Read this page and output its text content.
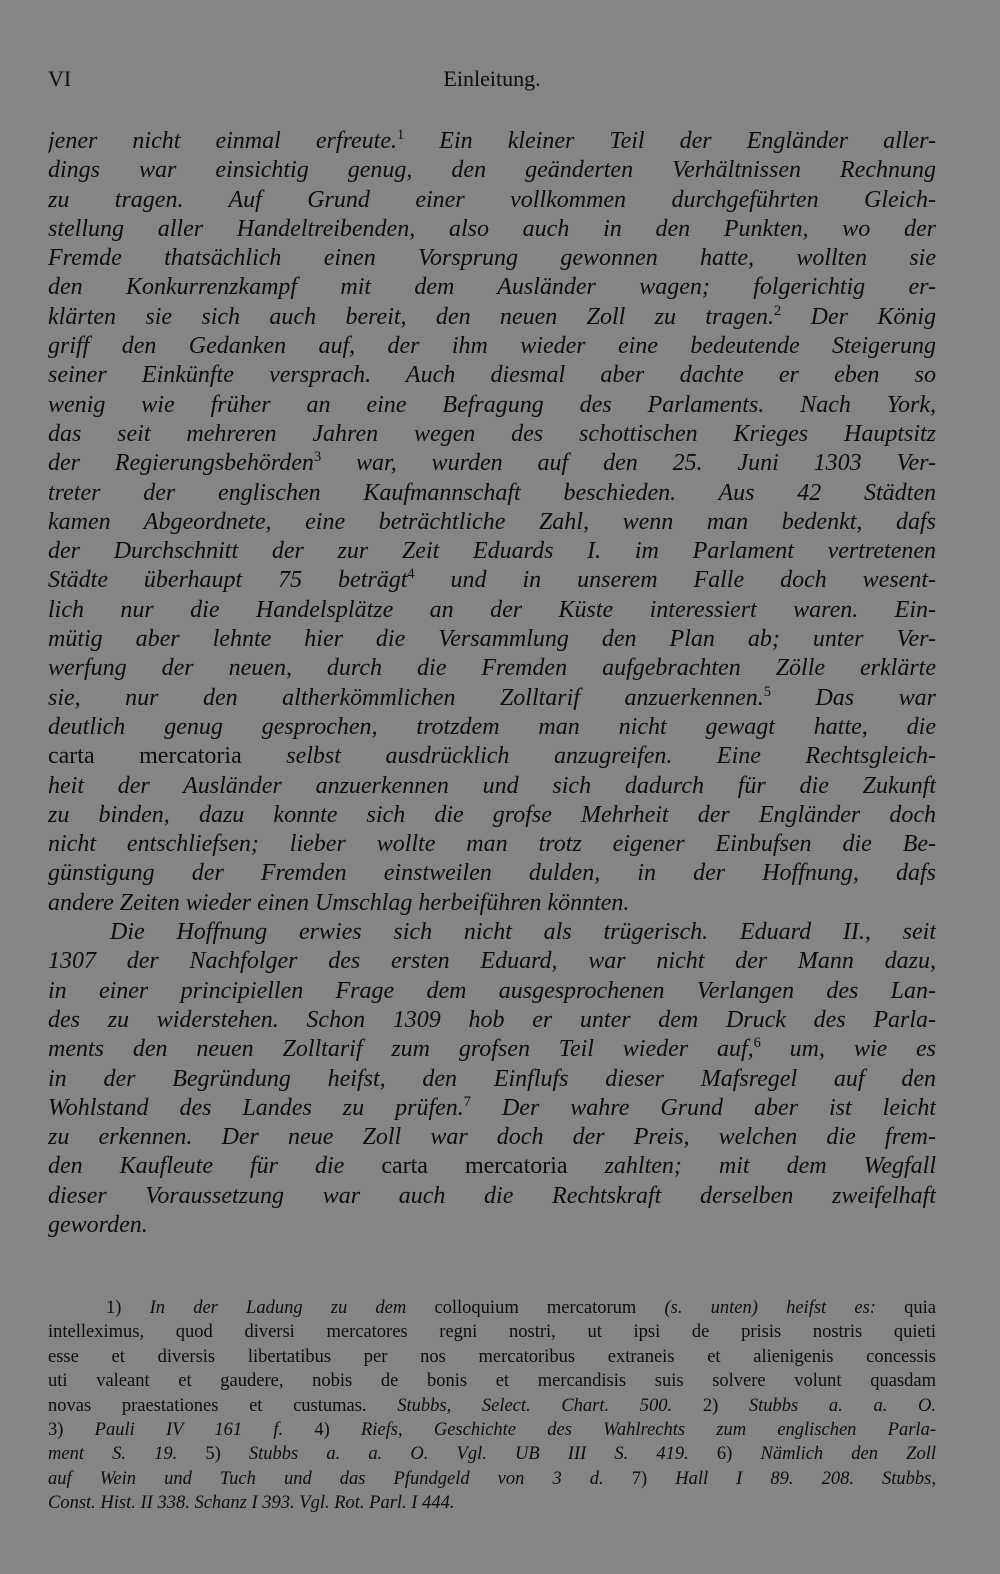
VI	Einleitung.
jener nicht einmal erfreute.$^1$ Ein kleiner Teil der Engländer aller-
dings war einsichtig genug, den geänderten Verhältnissen Rechnung
zu tragen. Auf Grund einer vollkommen durchgeführten Gleich-
stellung aller Handeltreibenden, also auch in den Punkten, wo der
Fremde thatsächlich einen Vorsprung gewonnen hatte, wollten sie
den Konkurrenzkampf mit dem Ausländer wagen; folgerichtig er-
klärten sie sich auch bereit, den neuen Zoll zu tragen.$^2$ Der König
griff den Gedanken auf, der ihm wieder eine bedeutende Steigerung
seiner Einkünfte versprach. Auch diesmal aber dachte er eben so
wenig wie früher an eine Befragung des Parlaments. Nach York,
das seit mehreren Jahren wegen des schottischen Krieges Hauptsitz
der Regierungsbehörden$^3$ war, wurden auf den 25. Juni 1303 Ver-
treter der englischen Kaufmannschaft beschieden. Aus 42 Städten
kamen Abgeordnete, eine beträchtliche Zahl, wenn man bedenkt, dafs
der Durchschnitt der zur Zeit Eduards I. im Parlament vertretenen
Städte überhaupt 75 beträgt$^4$ und in unserem Falle doch wesent-
lich nur die Handelsplätze an der Küste interessiert waren. Ein-
mütig aber lehnte hier die Versammlung den Plan ab; unter Ver-
werfung der neuen, durch die Fremden aufgebrachten Zölle erklärte
sie, nur den altherkömmlichen Zolltarif anzuerkennen.$^5$ Das war
deutlich genug gesprochen, trotzdem man nicht gewagt hatte, die
carta mercatoria selbst ausdrücklich anzugreifen. Eine Rechtsgleich-
heit der Ausländer anzuerkennen und sich dadurch für die Zukunft
zu binden, dazu konnte sich die grofse Mehrheit der Engländer doch
nicht entschliefsen; lieber wollte man trotz eigener Einbufsen die Be-
günstigung der Fremden einstweilen dulden, in der Hoffnung, dafs
andere Zeiten wieder einen Umschlag herbeiführen könnten.
Die Hoffnung erwies sich nicht als trügerisch. Eduard II., seit
1307 der Nachfolger des ersten Eduard, war nicht der Mann dazu,
in einer principiellen Frage dem ausgesprochenen Verlangen des Lan-
des zu widerstehen. Schon 1309 hob er unter dem Druck des Parla-
ments den neuen Zolltarif zum grofsen Teil wieder auf,$^6$ um, wie es
in der Begründung heifst, den Einflufs dieser Mafsregel auf den
Wohlstand des Landes zu prüfen.$^7$ Der wahre Grund aber ist leicht
zu erkennen. Der neue Zoll war doch der Preis, welchen die frem-
den Kaufleute für die carta mercatoria zahlten; mit dem Wegfall
dieser Voraussetzung war auch die Rechtskraft derselben zweifelhaft
geworden.
1) In der Ladung zu dem colloquium mercatorum (s. unten) heifst es: quia
intelleximus, quod diversi mercatores regni nostri, ut ipsi de prisis nostris quieti
esse et diversis libertatibus per nos mercatoribus extraneis et alienigenis concessis
uti valeant et gaudere, nobis de bonis et mercandisis suis solvere volunt quasdam
novas praestationes et custumas. Stubbs, Select. Chart. 500. 2) Stubbs a. a. O.
3) Pauli IV 161 f. 4) Riefs, Geschichte des Wahlrechts zum englischen Parla-
ment S. 19. 5) Stubbs a. a. O. Vgl. UB III S. 419. 6) Nämlich den Zoll
auf Wein und Tuch und das Pfundgeld von 3 d. 7) Hall I 89. 208. Stubbs,
Const. Hist. II 338. Schanz I 393. Vgl. Rot. Parl. I 444.
